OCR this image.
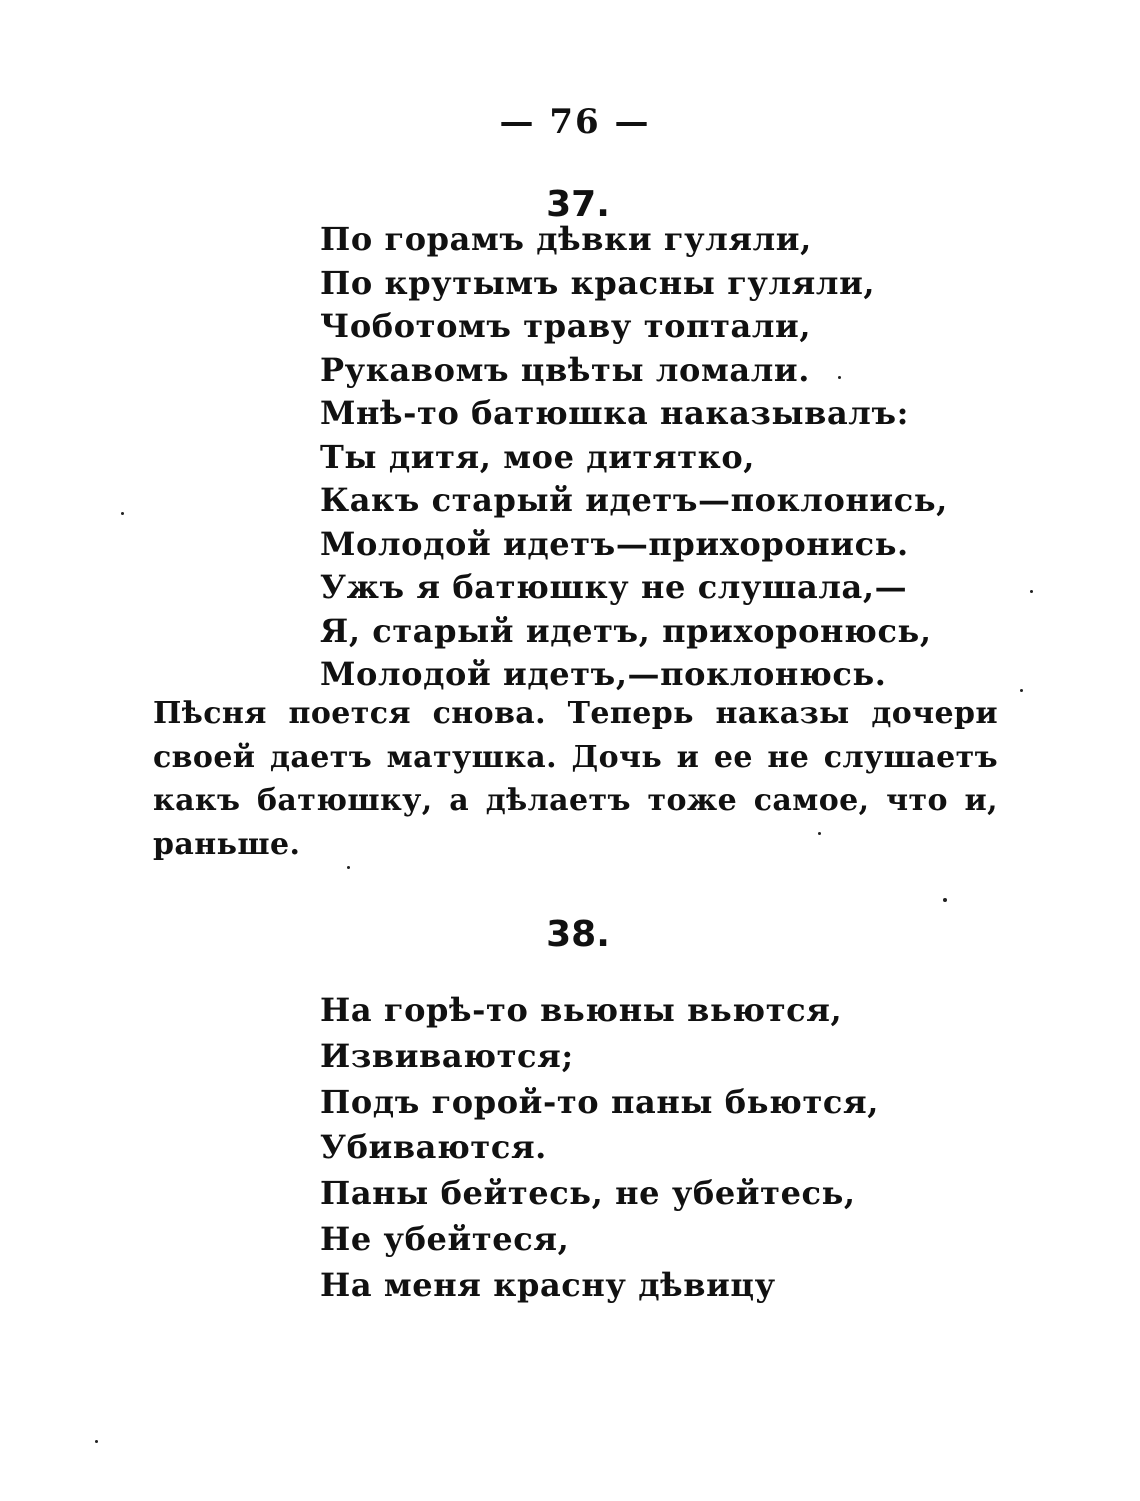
— 76 —
37.
По горамъ дѣвки гуляли,
По крутымъ красны гуляли,
Чоботомъ траву топтали,
Рукавомъ цвѣты ломали.
Мнѣ-то батюшка наказывалъ:
Ты дитя, мое дитятко,
Какъ старый идетъ—поклонись,
Молодой идетъ—прихоронись.
Ужъ я батюшку не слушала,—
Я, старый идетъ, прихоронюсь,
Молодой идетъ,—поклонюсь.

Пѣсня поется снова. Теперь наказы дочери своей даетъ матушка. Дочь и ее не слушаетъ какъ батюшку, а дѣлаетъ тоже самое, что и, раньше.

38.
На горѣ-то вьюны вьются,
Извиваются;
Подъ горой-то паны бьются,
Убиваются.
Паны бейтесь, не убейтесь,
Не убейтеся,
На меня красну дѣвицу
